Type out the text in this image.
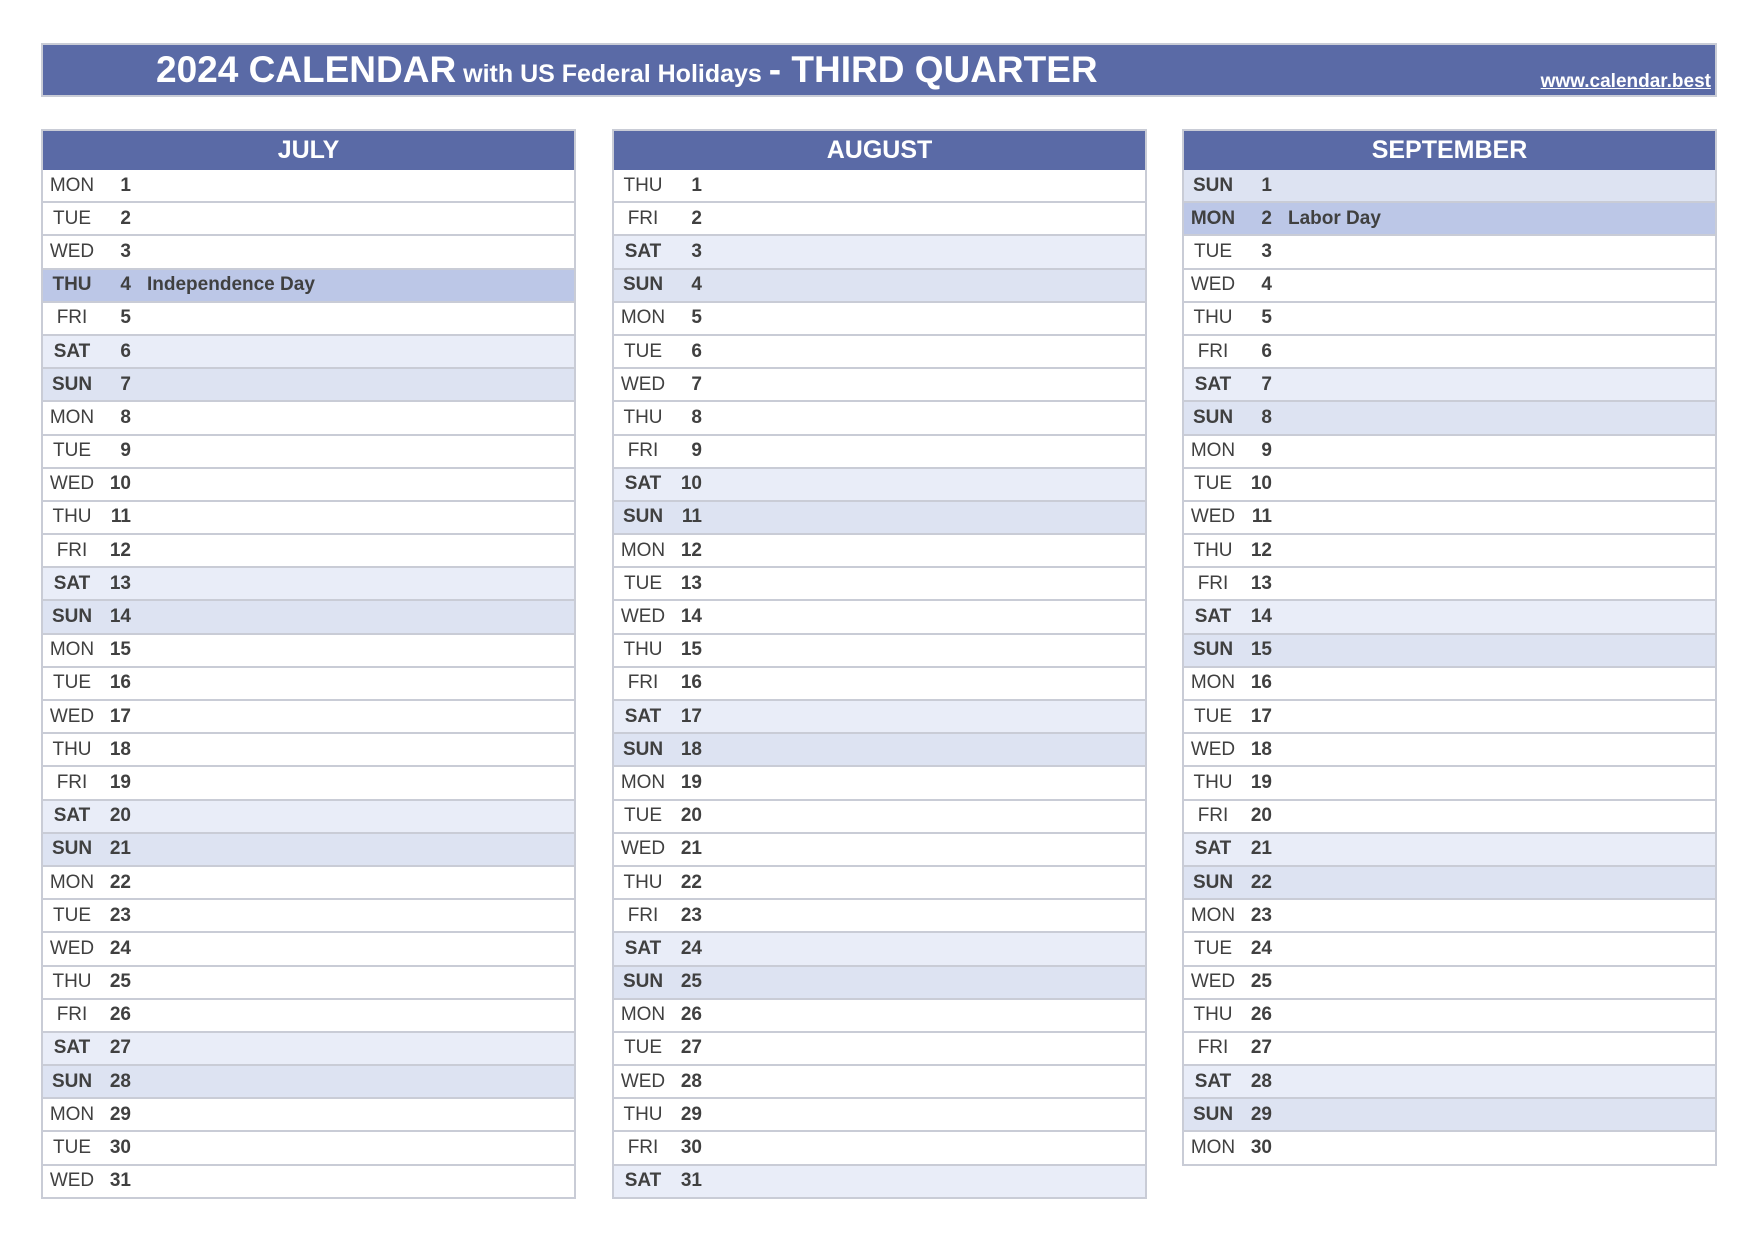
2024 CALENDAR with US Federal Holidays - THIRD QUARTER	www.calendar.best
JULY
MON	1
TUE	2
WED	3
THU	4 Independence Day
FRI	5
SAT	6
SUN	7
MON	8
TUE	9
WED 10
THU	11
FRI	12
SAT	13
SUN 14
MON 15
TUE 16
WED 17
THU 18
FRI	19
SAT	20
SUN 21
MON 22
TUE 23
WED 24
THU 25
FRI	26
SAT	27
SUN 28
MON 29
TUE 30
WED 31
AUGUST
THU	1
FRI	2
SAT	3
SUN	4
MON	5
TUE	6
WED	7
THU	8
FRI	9
SAT	10
SUN 11
MON 12
TUE 13
WED 14
THU 15
FRI	16
SAT	17
SUN 18
MON 19
TUE 20
WED 21
THU 22
FRI	23
SAT	24
SUN 25
MON 26
TUE 27
WED 28
THU 29
FRI	30
SAT	31
SEPTEMBER
SUN	1
MON	2 Labor Day
TUE	3
WED	4
THU	5
FRI	6
SAT	7
SUN	8
MON	9
TUE 10
WED 11
THU 12
FRI	13
SAT	14
SUN 15
MON 16
TUE 17
WED 18
THU 19
FRI	20
SAT	21
SUN 22
MON 23
TUE 24
WED 25
THU 26
FRI	27
SAT	28
SUN 29
MON 30
